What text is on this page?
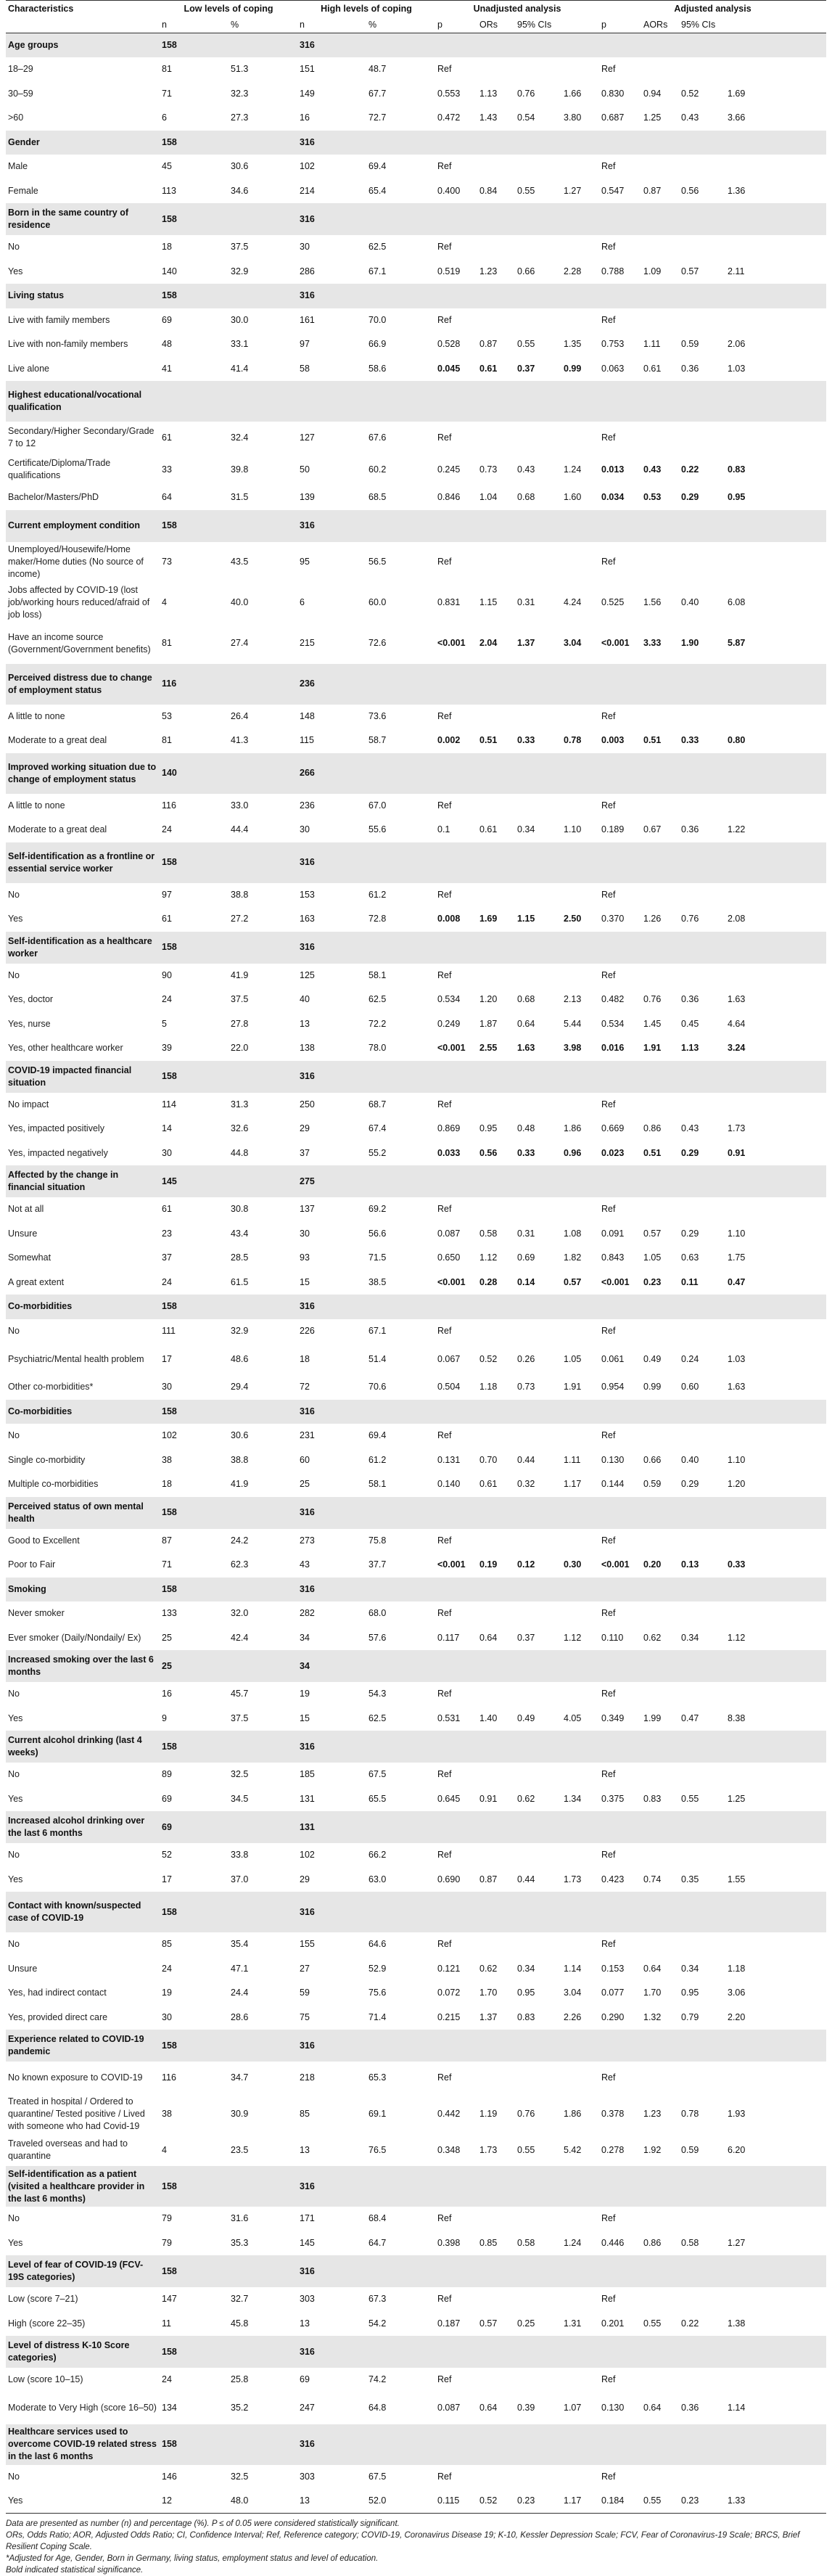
Characteristics	Low levels of coping		High levels of coping		Unadjusted analysis				Adjusted analysis			
	n	%	n	%	p	ORs	95% CIs		p	AORs	95% CIs	
Age groups	158		316									
18–29	81	51.3	151	48.7	Ref				Ref			
30–59	71	32.3	149	67.7	0.553	1.13	0.76	1.66	0.830	0.94	0.52	1.69
>60	6	27.3	16	72.7	0.472	1.43	0.54	3.80	0.687	1.25	0.43	3.66
Gender	158		316									
Male	45	30.6	102	69.4	Ref				Ref			
Female	113	34.6	214	65.4	0.400	0.84	0.55	1.27	0.547	0.87	0.56	1.36
Born in the same country of residence	158		316									
No	18	37.5	30	62.5	Ref				Ref			
Yes	140	32.9	286	67.1	0.519	1.23	0.66	2.28	0.788	1.09	0.57	2.11
Living status	158		316									
Live with family members	69	30.0	161	70.0	Ref				Ref			
Live with non-family members	48	33.1	97	66.9	0.528	0.87	0.55	1.35	0.753	1.11	0.59	2.06
Live alone	41	41.4	58	58.6	0.045	0.61	0.37	0.99	0.063	0.61	0.36	1.03
Highest educational/vocational qualification												
Secondary/Higher Secondary/Grade 7 to 12	61	32.4	127	67.6	Ref				Ref			
Certificate/Diploma/Trade qualifications	33	39.8	50	60.2	0.245	0.73	0.43	1.24	0.013	0.43	0.22	0.83
Bachelor/Masters/PhD	64	31.5	139	68.5	0.846	1.04	0.68	1.60	0.034	0.53	0.29	0.95
Current employment condition	158		316									
Unemployed/Housewife/Home maker/Home duties (No source of income)	73	43.5	95	56.5	Ref				Ref			
Jobs affected by COVID-19 (lost job/working hours reduced/afraid of job loss)	4	40.0	6	60.0	0.831	1.15	0.31	4.24	0.525	1.56	0.40	6.08
Have an income source (Government/Government benefits)	81	27.4	215	72.6	<0.001	2.04	1.37	3.04	<0.001	3.33	1.90	5.87
Perceived distress due to change of employment status	116		236									
A little to none	53	26.4	148	73.6	Ref				Ref			
Moderate to a great deal	81	41.3	115	58.7	0.002	0.51	0.33	0.78	0.003	0.51	0.33	0.80
Improved working situation due to change of employment status	140		266									
A little to none	116	33.0	236	67.0	Ref				Ref			
Moderate to a great deal	24	44.4	30	55.6	0.1	0.61	0.34	1.10	0.189	0.67	0.36	1.22
Self-identification as a frontline or essential service worker	158		316									
No	97	38.8	153	61.2	Ref				Ref			
Yes	61	27.2	163	72.8	0.008	1.69	1.15	2.50	0.370	1.26	0.76	2.08
Self-identification as a healthcare worker	158		316									
No	90	41.9	125	58.1	Ref				Ref			
Yes, doctor	24	37.5	40	62.5	0.534	1.20	0.68	2.13	0.482	0.76	0.36	1.63
Yes, nurse	5	27.8	13	72.2	0.249	1.87	0.64	5.44	0.534	1.45	0.45	4.64
Yes, other healthcare worker	39	22.0	138	78.0	<0.001	2.55	1.63	3.98	0.016	1.91	1.13	3.24
COVID-19 impacted financial situation	158		316									
No impact	114	31.3	250	68.7	Ref				Ref			
Yes, impacted positively	14	32.6	29	67.4	0.869	0.95	0.48	1.86	0.669	0.86	0.43	1.73
Yes, impacted negatively	30	44.8	37	55.2	0.033	0.56	0.33	0.96	0.023	0.51	0.29	0.91
Affected by the change in financial situation	145		275									
Not at all	61	30.8	137	69.2	Ref				Ref			
Unsure	23	43.4	30	56.6	0.087	0.58	0.31	1.08	0.091	0.57	0.29	1.10
Somewhat	37	28.5	93	71.5	0.650	1.12	0.69	1.82	0.843	1.05	0.63	1.75
A great extent	24	61.5	15	38.5	<0.001	0.28	0.14	0.57	<0.001	0.23	0.11	0.47
Co-morbidities	158		316									
No	111	32.9	226	67.1	Ref				Ref			
Psychiatric/Mental health problem	17	48.6	18	51.4	0.067	0.52	0.26	1.05	0.061	0.49	0.24	1.03
Other co-morbidities*	30	29.4	72	70.6	0.504	1.18	0.73	1.91	0.954	0.99	0.60	1.63
Co-morbidities	158		316									
No	102	30.6	231	69.4	Ref				Ref			
Single co-morbidity	38	38.8	60	61.2	0.131	0.70	0.44	1.11	0.130	0.66	0.40	1.10
Multiple co-morbidities	18	41.9	25	58.1	0.140	0.61	0.32	1.17	0.144	0.59	0.29	1.20
Perceived status of own mental health	158		316									
Good to Excellent	87	24.2	273	75.8	Ref				Ref			
Poor to Fair	71	62.3	43	37.7	<0.001	0.19	0.12	0.30	<0.001	0.20	0.13	0.33
Smoking	158		316									
Never smoker	133	32.0	282	68.0	Ref				Ref			
Ever smoker (Daily/Nondaily/ Ex)	25	42.4	34	57.6	0.117	0.64	0.37	1.12	0.110	0.62	0.34	1.12
Increased smoking over the last 6 months	25		34									
No	16	45.7	19	54.3	Ref				Ref			
Yes	9	37.5	15	62.5	0.531	1.40	0.49	4.05	0.349	1.99	0.47	8.38
Current alcohol drinking (last 4 weeks)	158		316									
No	89	32.5	185	67.5	Ref				Ref			
Yes	69	34.5	131	65.5	0.645	0.91	0.62	1.34	0.375	0.83	0.55	1.25
Increased alcohol drinking over the last 6 months	69		131									
No	52	33.8	102	66.2	Ref				Ref			
Yes	17	37.0	29	63.0	0.690	0.87	0.44	1.73	0.423	0.74	0.35	1.55
Contact with known/suspected case of COVID-19	158		316									
No	85	35.4	155	64.6	Ref				Ref			
Unsure	24	47.1	27	52.9	0.121	0.62	0.34	1.14	0.153	0.64	0.34	1.18
Yes, had indirect contact	19	24.4	59	75.6	0.072	1.70	0.95	3.04	0.077	1.70	0.95	3.06
Yes, provided direct care	30	28.6	75	71.4	0.215	1.37	0.83	2.26	0.290	1.32	0.79	2.20
Experience related to COVID-19 pandemic	158		316									
No known exposure to COVID-19	116	34.7	218	65.3	Ref				Ref			
Treated in hospital / Ordered to quarantine/ Tested positive / Lived with someone who had Covid-19	38	30.9	85	69.1	0.442	1.19	0.76	1.86	0.378	1.23	0.78	1.93
Traveled overseas and had to quarantine	4	23.5	13	76.5	0.348	1.73	0.55	5.42	0.278	1.92	0.59	6.20
Self-identification as a patient (visited a healthcare provider in the last 6 months)	158		316									
No	79	31.6	171	68.4	Ref				Ref			
Yes	79	35.3	145	64.7	0.398	0.85	0.58	1.24	0.446	0.86	0.58	1.27
Level of fear of COVID-19 (FCV- 19S categories)	158		316									
Low (score 7–21)	147	32.7	303	67.3	Ref				Ref			
High (score 22–35)	11	45.8	13	54.2	0.187	0.57	0.25	1.31	0.201	0.55	0.22	1.38
Level of distress K-10 Score categories)	158		316									
Low (score 10–15)	24	25.8	69	74.2	Ref				Ref			
Moderate to Very High (score 16–50)	134	35.2	247	64.8	0.087	0.64	0.39	1.07	0.130	0.64	0.36	1.14
Healthcare services used to overcome COVID-19 related stress in the last 6 months	158		316									
No	146	32.5	303	67.5	Ref				Ref			
Yes	12	48.0	13	52.0	0.115	0.52	0.23	1.17	0.184	0.55	0.23	1.33
Data are presented as number (n) and percentage (%). P ≤ of 0.05 were considered statistically significant.
ORs, Odds Ratio; AOR, Adjusted Odds Ratio; CI, Confidence Interval; Ref, Reference category; COVID-19, Coronavirus Disease 19; K-10, Kessler Depression Scale; FCV, Fear of Coronavirus-19 Scale; BRCS, Brief Resilient Coping Scale.
*Adjusted for Age, Gender, Born in Germany, living status, employment status and level of education.
Bold indicated statistical significance.
